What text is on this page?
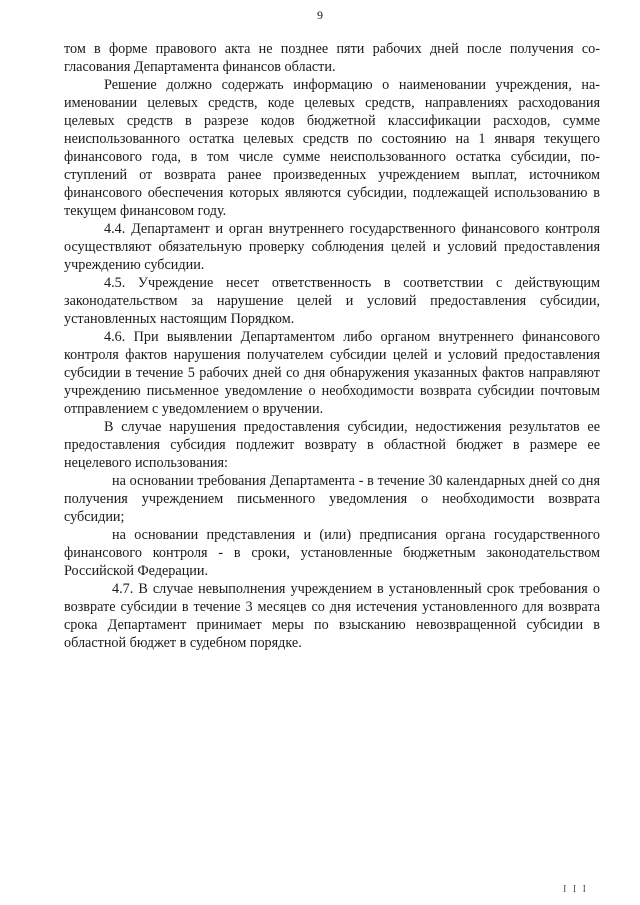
9

том в форме правового акта не позднее пяти рабочих дней после получения согласования Департамента финансов области.

Решение должно содержать информацию о наименовании учреждения, наименовании целевых средств, коде целевых средств, направлениях расходования целевых средств в разрезе кодов бюджетной классификации расходов, сумме неиспользованного остатка целевых средств по состоянию на 1 января текущего финансового года, в том числе сумме неиспользованного остатка субсидии, поступлений от возврата ранее произведенных учреждением выплат, источником финансового обеспечения которых являются субсидии, подлежащей использованию в текущем финансовом году.

4.4. Департамент и орган внутреннего государственного финансового контроля осуществляют обязательную проверку соблюдения целей и условий предоставления учреждению субсидии.

4.5. Учреждение несет ответственность в соответствии с действующим законодательством за нарушение целей и условий предоставления субсидии, установленных настоящим Порядком.

4.6. При выявлении Департаментом либо органом внутреннего финансового контроля фактов нарушения получателем субсидии целей и условий предоставления субсидии в течение 5 рабочих дней со дня обнаружения указанных фактов направляют учреждению письменное уведомление о необходимости возврата субсидии почтовым отправлением с уведомлением о вручении.

В случае нарушения предоставления субсидии, недостижения результатов ее предоставления субсидия подлежит возврату в областной бюджет в размере ее нецелевого использования:

на основании требования Департамента - в течение 30 календарных дней со дня получения учреждением письменного уведомления о необходимости возврата субсидии;

на основании представления и (или) предписания органа государственного финансового контроля - в сроки, установленные бюджетным законодательством Российской Федерации.

4.7. В случае невыполнения учреждением в установленный срок требования о возврате субсидии в течение 3 месяцев со дня истечения установленного для возврата срока Департамент принимает меры по взысканию невозвращенной субсидии в областной бюджет в судебном порядке.

I I I
